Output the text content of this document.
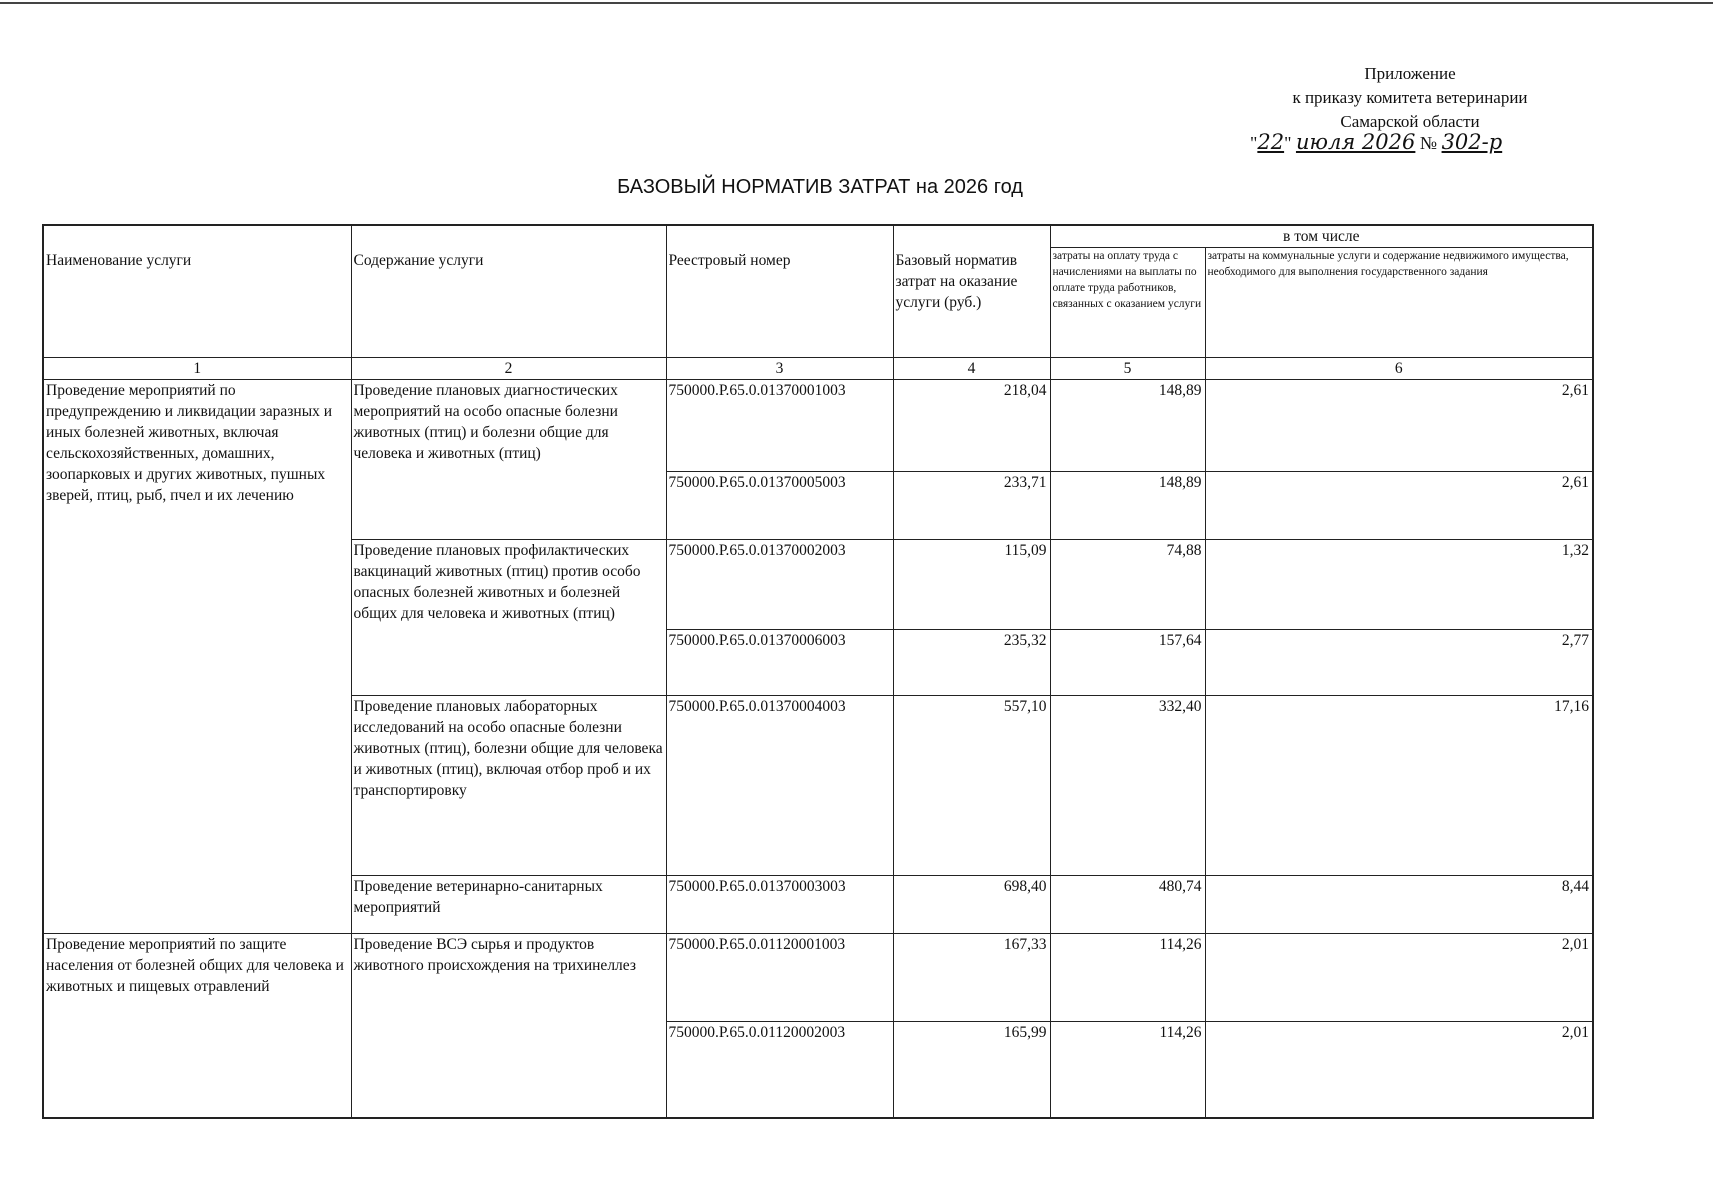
Приложение
к приказу комитета ветеринарии
Самарской области
"22" июля 2026 № 302-р
БАЗОВЫЙ НОРМАТИВ ЗАТРАТ на 2026 год
Наименование услуги	Содержание услуги	Реестровый номер	Базовый норматив затрат на оказание услуги (руб.)	в том числе	
				затраты на оплату труда с начислениями на выплаты по оплате труда работников, связанных с оказанием услуги	затраты на коммунальные услуги и содержание недвижимого имущества, необходимого для выполнения государственного задания
1	2	3	4	5	6
Проведение мероприятий по предупреждению и ликвидации заразных и иных болезней животных, включая сельскохозяйственных, домашних, зоопарковых и других животных, пушных зверей, птиц, рыб, пчел и их лечению	Проведение плановых диагностических мероприятий на особо опасные болезни животных (птиц) и болезни общие для человека и животных (птиц)	750000.Р.65.0.01370001003	218,04	148,89	2,61
		750000.Р.65.0.01370005003	233,71	148,89	2,61
	Проведение плановых профилактических вакцинаций животных (птиц) против особо опасных болезней животных и болезней общих для человека и животных (птиц)	750000.Р.65.0.01370002003	115,09	74,88	1,32
		750000.Р.65.0.01370006003	235,32	157,64	2,77
	Проведение плановых лабораторных исследований на особо опасные болезни животных (птиц), болезни общие для человека и животных (птиц), включая отбор проб и их транспортировку	750000.Р.65.0.01370004003	557,10	332,40	17,16
	Проведение ветеринарно-санитарных мероприятий	750000.Р.65.0.01370003003	698,40	480,74	8,44
Проведение мероприятий по защите населения от болезней общих для человека и животных и пищевых отравлений	Проведение ВСЭ сырья и продуктов животного происхождения на трихинеллез	750000.Р.65.0.01120001003	167,33	114,26	2,01
		750000.Р.65.0.01120002003	165,99	114,26	2,01
